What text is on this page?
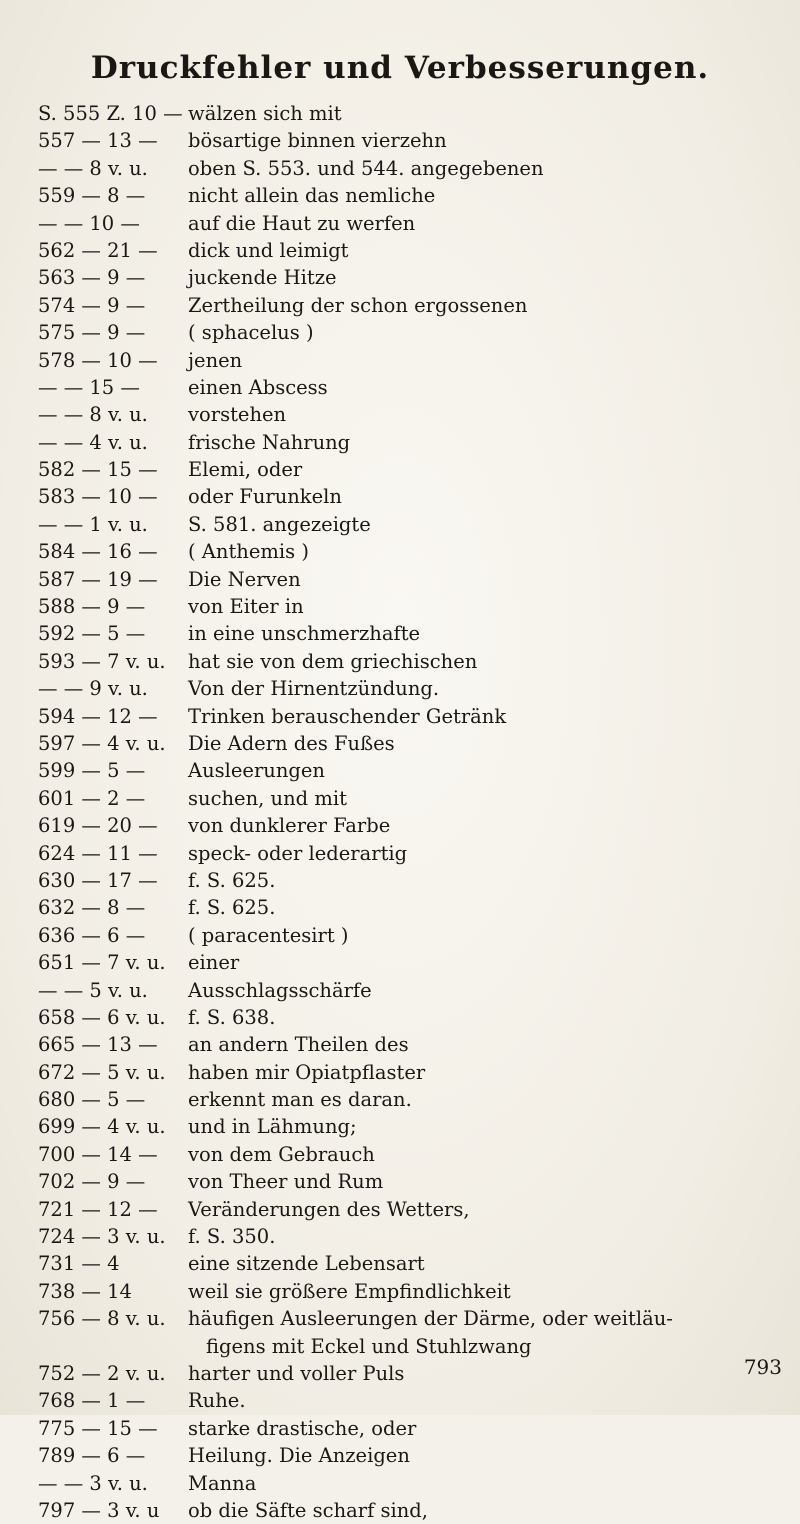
Druckfehler und Verbesserungen.
S. 555 Z. 10 — wälzen sich mit
557 — 13 —	bösartige binnen vierzehn
— — 8 v. u.	oben S. 553. und 544. angegebenen
559 — 8 —	nicht allein das nemliche
— — 10 —	auf die Haut zu werfen
562 — 21 —	dick und leimigt
563 — 9 —	juckende Hitze
574 — 9 —	Zertheilung der schon ergossenen
575 — 9 —	( sphacelus )
578 — 10 —	jenen
— — 15 —	einen Abscess
— — 8 v. u.	vorstehen
— — 4 v. u.	frische Nahrung
582 — 15 —	Elemi, oder
583 — 10 —	oder Furunkeln
— — 1 v. u.	S. 581. angezeigte
584 — 16 —	( Anthemis )
587 — 19 —	Die Nerven
588 — 9 —	von Eiter in
592 — 5 —	in eine unschmerzhafte
593 — 7 v. u.	hat sie von dem griechischen
— — 9 v. u.	Von der Hirnentzündung.
594 — 12 —	Trinken berauschender Getränk
597 — 4 v. u.	Die Adern des Fußes
599 — 5 —	Ausleerungen
601 — 2 —	suchen, und mit
619 — 20 —	von dunklerer Farbe
624 — 11 —	speck- oder lederartig
630 — 17 —	f. S. 625.
632 — 8 —	f. S. 625.
636 — 6 —	( paracentesirt )
651 — 7 v. u.	einer
— — 5 v. u.	Ausschlagsschärfe
658 — 6 v. u.	f. S. 638.
665 — 13 —	an andern Theilen des
672 — 5 v. u.	haben mir Opiatpflaster
680 — 5 —	erkennt man es daran.
699 — 4 v. u.	und in Lähmung;
700 — 14 —	von dem Gebrauch
702 — 9 —	von Theer und Rum
721 — 12 —	Veränderungen des Wetters,
724 — 3 v. u.	f. S. 350.
731 — 4	eine sitzende Lebensart
738 — 14	weil sie größere Empfindlichkeit
756 — 8 v. u.	häufigen Ausleerungen der Därme, oder weitläu-
figens mit Eckel und Stuhlzwang
752 — 2 v. u.	harter und voller Puls
768 — 1 —	Ruhe.
775 — 15 —	starke drastische, oder
789 — 6 —	Heilung. Die Anzeigen
— — 3 v. u.	Manna
797 — 3 v. u	ob die Säfte scharf sind,
793
